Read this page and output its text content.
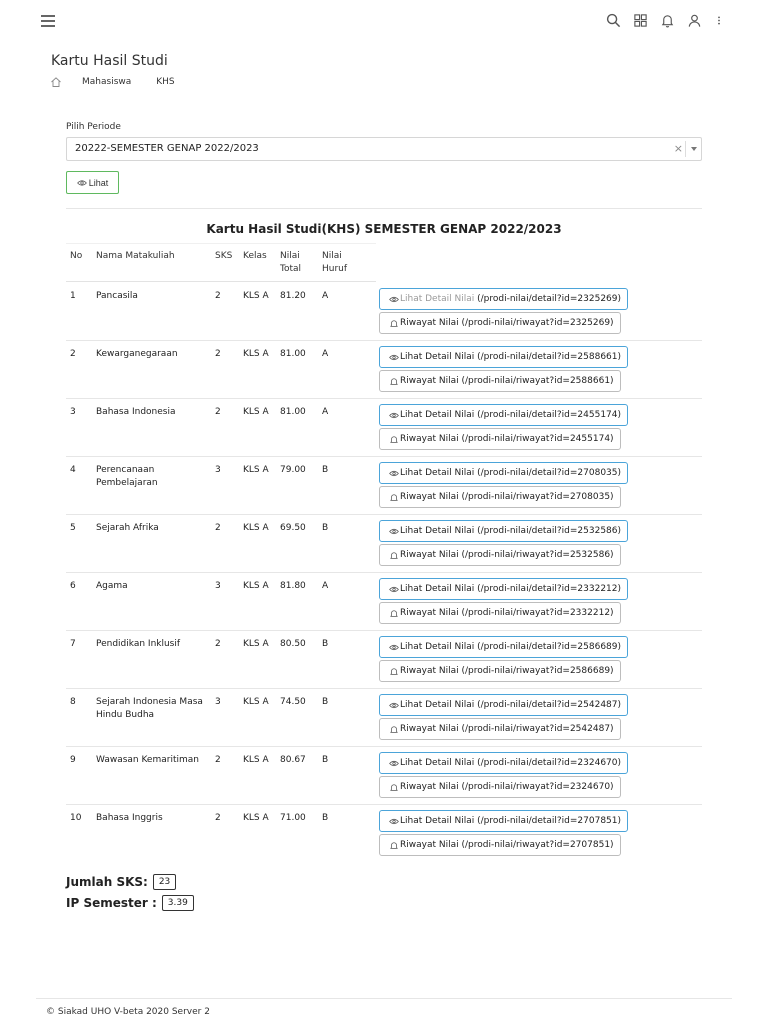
Kartu Hasil Studi
Mahasiswa	KHS
Pilih Periode
20222-SEMESTER GENAP 2022/2023	×
Lihat
Kartu Hasil Studi(KHS) SEMESTER GENAP 2022/2023
No Nama Matakuliah	SKS Kelas Nilai Total
Nilai Huruf
1 Pancasila	2 KLS A 81.20 A	Lihat Detail Nilai
(/prodi-nilai/detail?id=2325269)
Riwayat Nilai
(/prodi-nilai/riwayat?id=2325269)
2 Kewarganegaraan	2 KLS A 81.00 A	Lihat Detail Nilai
(/prodi-nilai/detail?id=2588661)
Riwayat Nilai
(/prodi-nilai/riwayat?id=2588661)
3 Bahasa Indonesia	2 KLS A 81.00 A	Lihat Detail Nilai
(/prodi-nilai/detail?id=2455174)
Riwayat Nilai
(/prodi-nilai/riwayat?id=2455174)
4 Perencanaan Pembelajaran
3 KLS A 79.00 B	Lihat Detail Nilai
(/prodi-nilai/detail?id=2708035)
Riwayat Nilai
(/prodi-nilai/riwayat?id=2708035)
5 Sejarah Afrika	2 KLS A 69.50 B	Lihat Detail Nilai
(/prodi-nilai/detail?id=2532586)
Riwayat Nilai
(/prodi-nilai/riwayat?id=2532586)
6 Agama	3 KLS A 81.80 A	Lihat Detail Nilai
(/prodi-nilai/detail?id=2332212)
Riwayat Nilai
(/prodi-nilai/riwayat?id=2332212)
7 Pendidikan Inklusif	2 KLS A 80.50 B	Lihat Detail Nilai
(/prodi-nilai/detail?id=2586689)
Riwayat Nilai
(/prodi-nilai/riwayat?id=2586689)
8 Sejarah Indonesia Masa Hindu Budha
3 KLS A 74.50 B	Lihat Detail Nilai
(/prodi-nilai/detail?id=2542487)
Riwayat Nilai
(/prodi-nilai/riwayat?id=2542487)
9 Wawasan Kemaritiman	2 KLS A 80.67 B	Lihat Detail Nilai
(/prodi-nilai/detail?id=2324670)
Riwayat Nilai
(/prodi-nilai/riwayat?id=2324670)
10 Bahasa Inggris	2 KLS A 71.00 B	Lihat Detail Nilai
(/prodi-nilai/detail?id=2707851)
Riwayat Nilai
(/prodi-nilai/riwayat?id=2707851)
Jumlah SKS:	23
IP Semester :	3.39
© Siakad UHO V-beta 2020 Server 2
